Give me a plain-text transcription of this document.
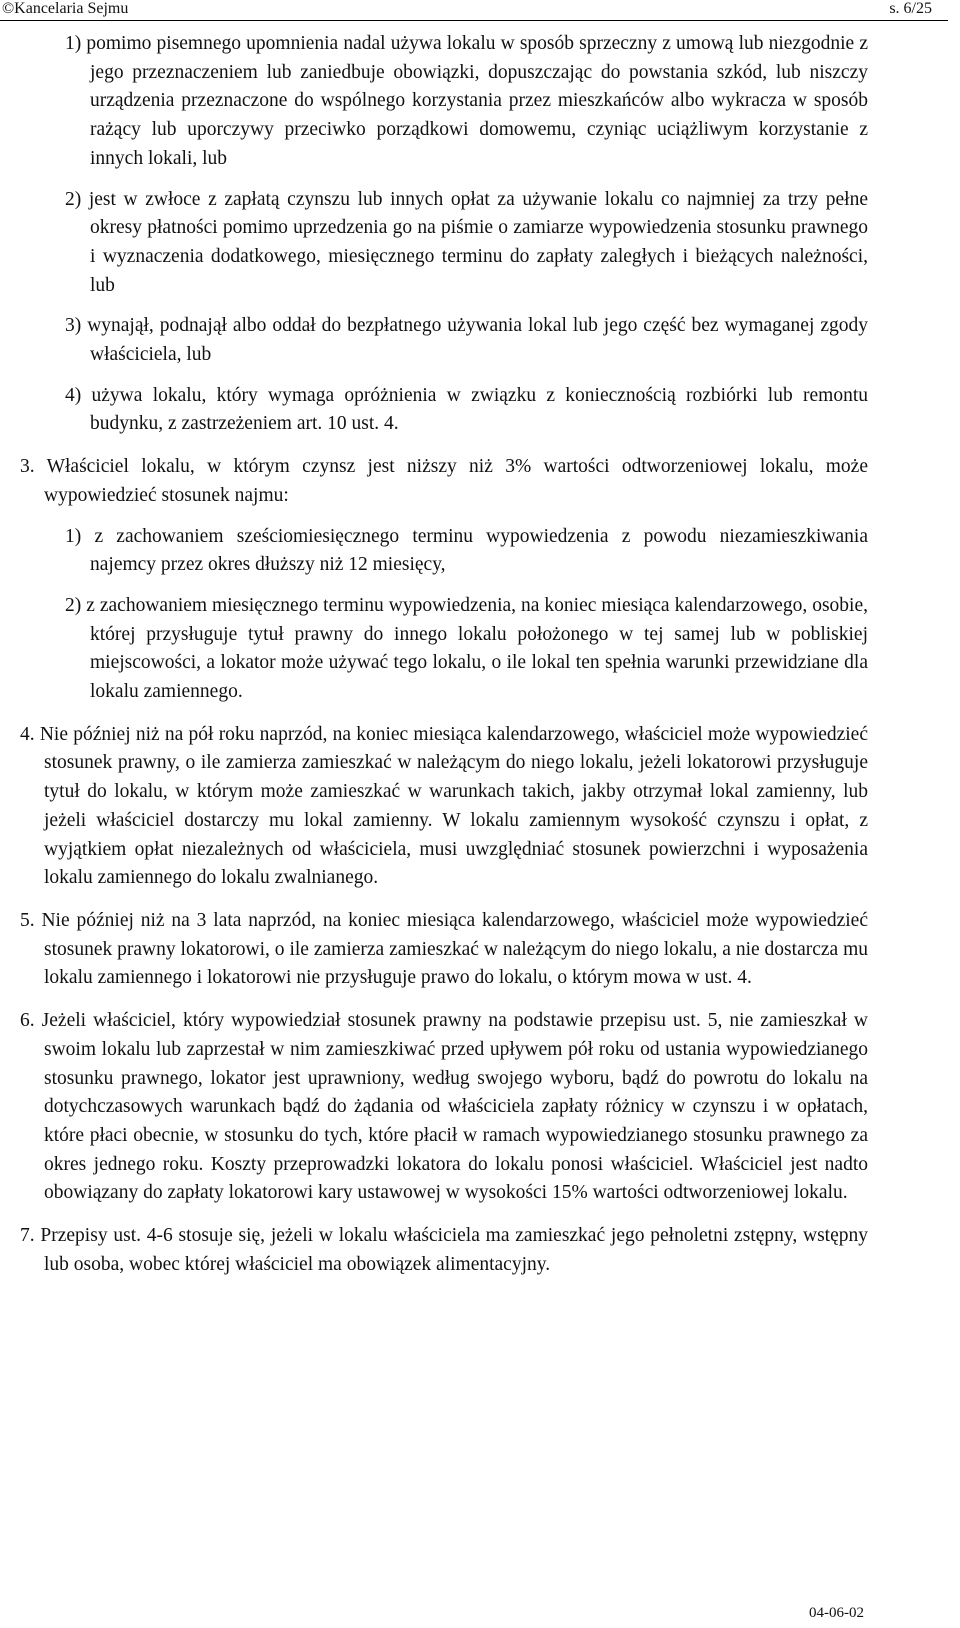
©Kancelaria Sejmu	s. 6/25

1) pomimo pisemnego upomnienia nadal używa lokalu w sposób sprzeczny z umową lub niezgodnie z jego przeznaczeniem lub zaniedbuje obowiązki, dopuszczając do powstania szkód, lub niszczy urządzenia przeznaczone do wspólnego korzystania przez mieszkańców albo wykracza w sposób rażący lub uporczywy przeciwko porządkowi domowemu, czyniąc uciążliwym korzystanie z innych lokali, lub

2) jest w zwłoce z zapłatą czynszu lub innych opłat za używanie lokalu co najmniej za trzy pełne okresy płatności pomimo uprzedzenia go na piśmie o zamiarze wypowiedzenia stosunku prawnego i wyznaczenia dodatkowego, miesięcznego terminu do zapłaty zaległych i bieżących należności, lub

3) wynajął, podnajął albo oddał do bezpłatnego używania lokal lub jego część bez wymaganej zgody właściciela, lub

4) używa lokalu, który wymaga opróżnienia w związku z koniecznością rozbiórki lub remontu budynku, z zastrzeżeniem art. 10 ust. 4.

3. Właściciel lokalu, w którym czynsz jest niższy niż 3% wartości odtworzeniowej lokalu, może wypowiedzieć stosunek najmu:

1) z zachowaniem sześciomiesięcznego terminu wypowiedzenia z powodu niezamieszkiwania najemcy przez okres dłuższy niż 12 miesięcy,

2) z zachowaniem miesięcznego terminu wypowiedzenia, na koniec miesiąca kalendarzowego, osobie, której przysługuje tytuł prawny do innego lokalu położonego w tej samej lub w pobliskiej miejscowości, a lokator może używać tego lokalu, o ile lokal ten spełnia warunki przewidziane dla lokalu zamiennego.

4. Nie później niż na pół roku naprzód, na koniec miesiąca kalendarzowego, właściciel może wypowiedzieć stosunek prawny, o ile zamierza zamieszkać w należącym do niego lokalu, jeżeli lokatorowi przysługuje tytuł do lokalu, w którym może zamieszkać w warunkach takich, jakby otrzymał lokal zamienny, lub jeżeli właściciel dostarczy mu lokal zamienny. W lokalu zamiennym wysokość czynszu i opłat, z wyjątkiem opłat niezależnych od właściciela, musi uwzględniać stosunek powierzchni i wyposażenia lokalu zamiennego do lokalu zwalnianego.

5. Nie później niż na 3 lata naprzód, na koniec miesiąca kalendarzowego, właściciel może wypowiedzieć stosunek prawny lokatorowi, o ile zamierza zamieszkać w należącym do niego lokalu, a nie dostarcza mu lokalu zamiennego i lokatorowi nie przysługuje prawo do lokalu, o którym mowa w ust. 4.

6. Jeżeli właściciel, który wypowiedział stosunek prawny na podstawie przepisu ust. 5, nie zamieszkał w swoim lokalu lub zaprzestał w nim zamieszkiwać przed upływem pół roku od ustania wypowiedzianego stosunku prawnego, lokator jest uprawniony, według swojego wyboru, bądź do powrotu do lokalu na dotychczasowych warunkach bądź do żądania od właściciela zapłaty różnicy w czynszu i w opłatach, które płaci obecnie, w stosunku do tych, które płacił w ramach wypowiedzianego stosunku prawnego za okres jednego roku. Koszty przeprowadzki lokatora do lokalu ponosi właściciel. Właściciel jest nadto obowiązany do zapłaty lokatorowi kary ustawowej w wysokości 15% wartości odtworzeniowej lokalu.

7. Przepisy ust. 4-6 stosuje się, jeżeli w lokalu właściciela ma zamieszkać jego pełnoletni zstępny, wstępny lub osoba, wobec której właściciel ma obowiązek alimentacyjny.

04-06-02
